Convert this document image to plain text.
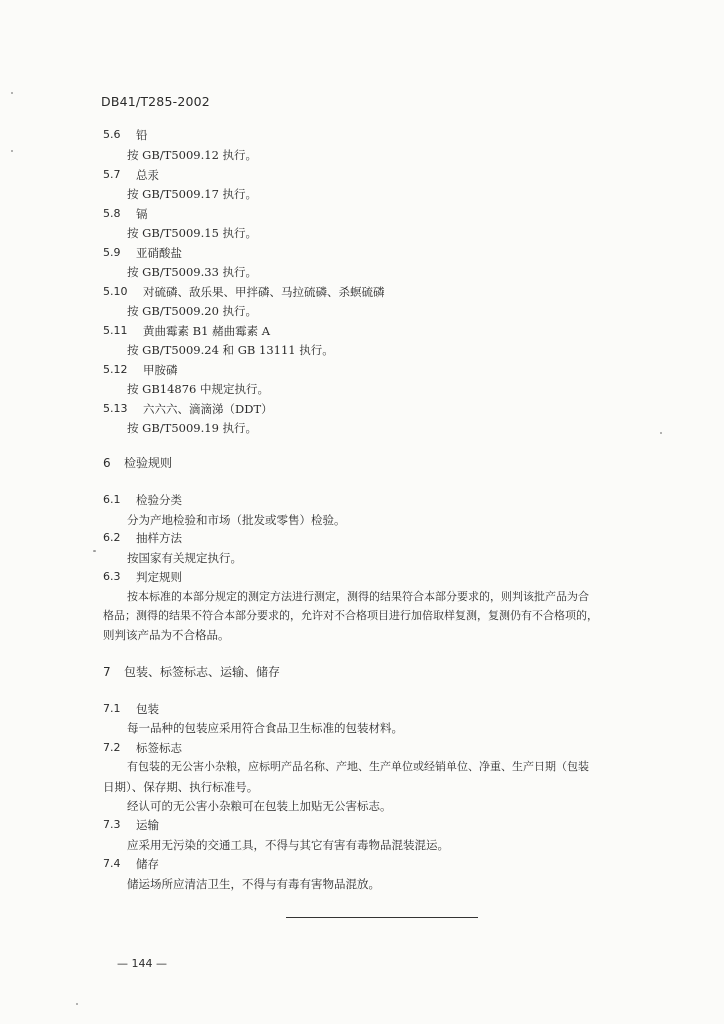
DB41/T285-2002
5.6 铅
按 GB/T5009.12 执行。
5.7 总汞
按 GB/T5009.17 执行。
5.8 镉
按 GB/T5009.15 执行。
5.9 亚硝酸盐
按 GB/T5009.33 执行。
5.10 对硫磷、敌乐果、甲拌磷、马拉硫磷、杀螟硫磷
按 GB/T5009.20 执行。
5.11 黄曲霉素 B1 赭曲霉素 A
按 GB/T5009.24 和 GB 13111 执行。
5.12 甲胺磷
按 GB14876 中规定执行。
5.13 六六六、滴滴涕（DDT）
按 GB/T5009.19 执行。
6 检验规则
6.1 检验分类
分为产地检验和市场（批发或零售）检验。
6.2 抽样方法
按国家有关规定执行。
6.3 判定规则
按本标准的本部分规定的测定方法进行测定，测得的结果符合本部分要求的，则判该批产品为合
格品；测得的结果不符合本部分要求的，允许对不合格项目进行加倍取样复测，复测仍有不合格项的，
则判该产品为不合格品。
7 包装、标签标志、运输、储存
7.1 包装
每一品种的包装应采用符合食品卫生标准的包装材料。
7.2 标签标志
有包装的无公害小杂粮，应标明产品名称、产地、生产单位或经销单位、净重、生产日期（包装
日期）、保存期、执行标准号。
经认可的无公害小杂粮可在包装上加贴无公害标志。
7.3 运输
应采用无污染的交通工具，不得与其它有害有毒物品混装混运。
7.4 储存
储运场所应清洁卫生，不得与有毒有害物品混放。
— 144 —
